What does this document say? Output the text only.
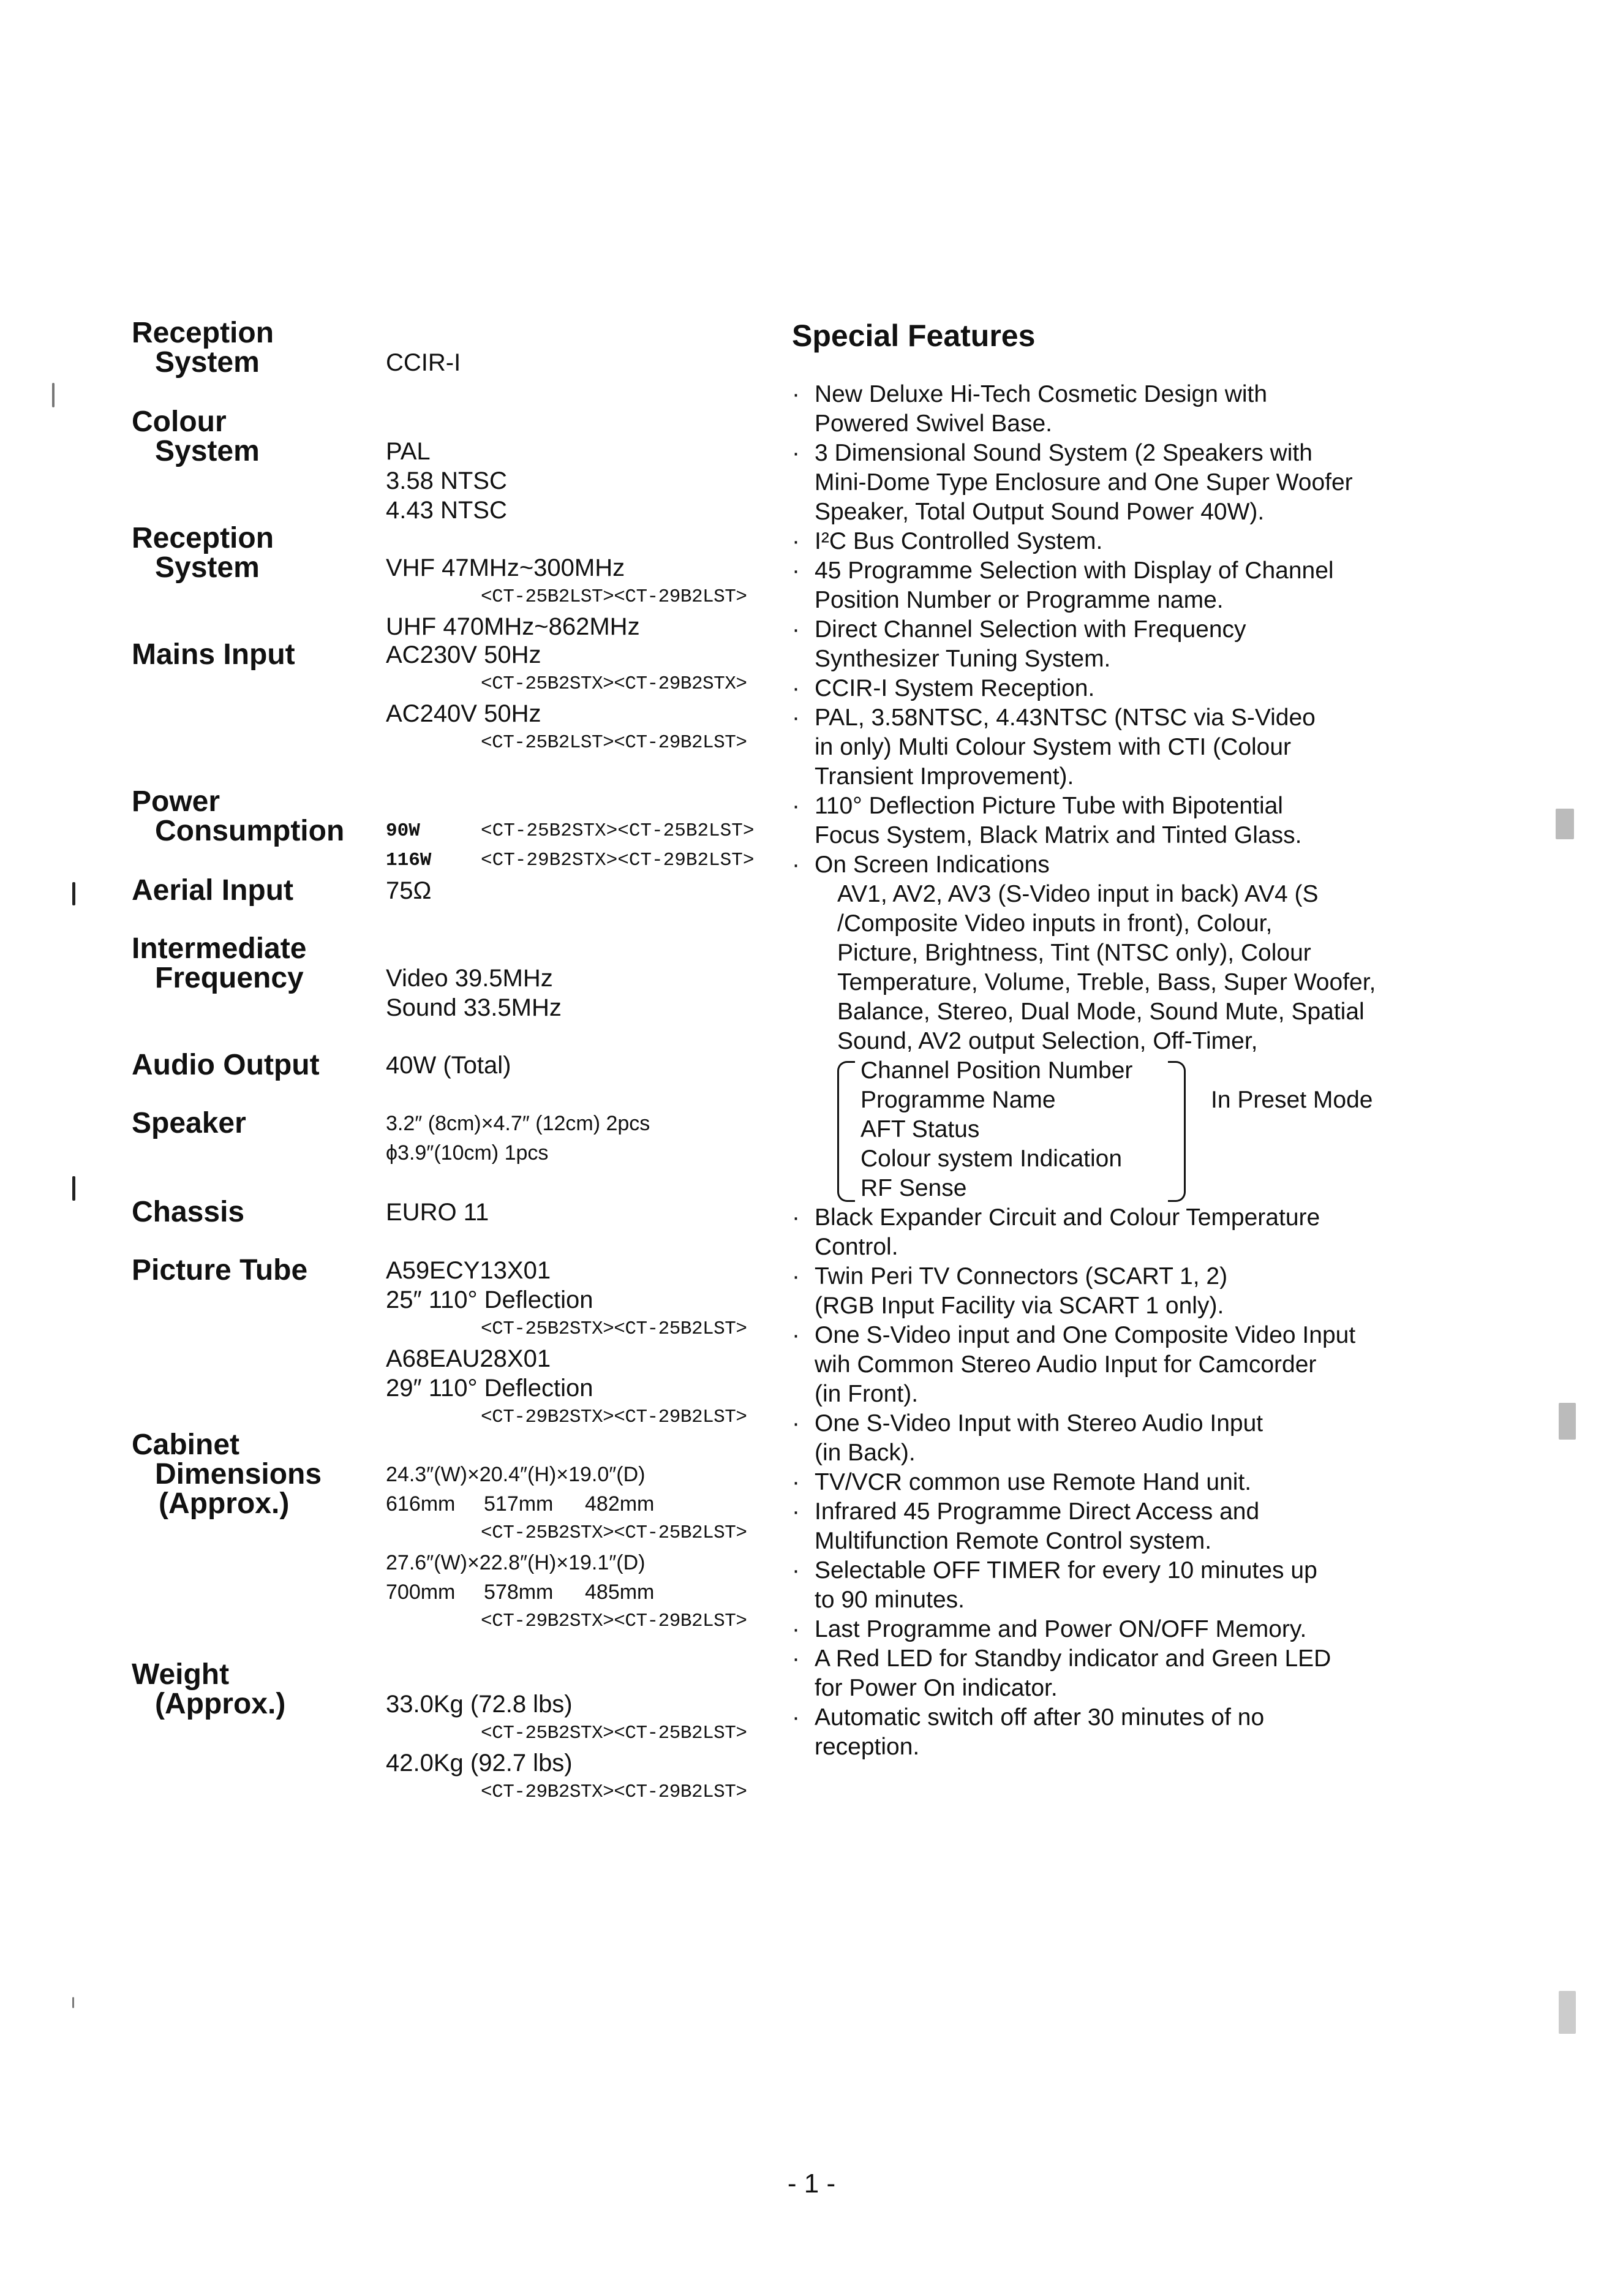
Reception
System	CCIR-I
Colour
System	PAL
3.58 NTSC
4.43 NTSC
Reception
System	VHF 47MHz~300MHz
<CT-25B2LST><CT-29B2LST>
UHF 470MHz~862MHz
Mains Input	AC230V 50Hz
<CT-25B2STX><CT-29B2STX>
AC240V 50Hz
<CT-25B2LST><CT-29B2LST>
Power
Consumption	90W	<CT-25B2STX><CT-25B2LST>
116W	<CT-29B2STX><CT-29B2LST>
Aerial Input	75Ω
Intermediate
Frequency	Video 39.5MHz
Sound 33.5MHz
Audio Output	40W (Total)
Speaker	3.2″ (8cm)×4.7″ (12cm) 2pcs
ϕ3.9″(10cm) 1pcs
Chassis	EURO 11
Picture Tube	A59ECY13X01
25″ 110° Deflection
<CT-25B2STX><CT-25B2LST>
A68EAU28X01
29″ 110° Deflection
<CT-29B2STX><CT-29B2LST>
Cabinet
Dimensions
(Approx.)
24.3″(W)×20.4″(H)×19.0″(D)
616mm 517mm 482mm
<CT-25B2STX><CT-25B2LST>
27.6″(W)×22.8″(H)×19.1″(D)
700mm 578mm 485mm
<CT-29B2STX><CT-29B2LST>
Weight
(Approx.)	33.0Kg (72.8 lbs)
<CT-25B2STX><CT-25B2LST>
42.0Kg (92.7 lbs)
<CT-29B2STX><CT-29B2LST>
Special Features
· New Deluxe Hi-Tech Cosmetic Design with
Powered Swivel Base.
· 3 Dimensional Sound System (2 Speakers with
Mini-Dome Type Enclosure and One Super Woofer
Speaker, Total Output Sound Power 40W).
· I²C Bus Controlled System.
· 45 Programme Selection with Display of Channel
Position Number or Programme name.
· Direct Channel Selection with Frequency
Synthesizer Tuning System.
· CCIR-I System Reception.
· PAL, 3.58NTSC, 4.43NTSC (NTSC via S-Video
in only) Multi Colour System with CTI (Colour
Transient Improvement).
· 110° Deflection Picture Tube with Bipotential
Focus System, Black Matrix and Tinted Glass.
· On Screen Indications
AV1, AV2, AV3 (S-Video input in back) AV4 (S
/Composite Video inputs in front), Colour,
Picture, Brightness, Tint (NTSC only), Colour
Temperature, Volume, Treble, Bass, Super Woofer,
Balance, Stereo, Dual Mode, Sound Mute, Spatial
Sound, AV2 output Selection, Off-Timer,
Channel Position Number
Programme Name
AFT Status
Colour system Indication
RF Sense
In Preset Mode
· Black Expander Circuit and Colour Temperature
Control.
· Twin Peri TV Connectors (SCART 1, 2)
(RGB Input Facility via SCART 1 only).
· One S-Video input and One Composite Video Input
wih Common Stereo Audio Input for Camcorder
(in Front).
· One S-Video Input with Stereo Audio Input
(in Back).
· TV/VCR common use Remote Hand unit.
· Infrared 45 Programme Direct Access and
Multifunction Remote Control system.
· Selectable OFF TIMER for every 10 minutes up
to 90 minutes.
· Last Programme and Power ON/OFF Memory.
· A Red LED for Standby indicator and Green LED
for Power On indicator.
· Automatic switch off after 30 minutes of no
reception.
- 1 -
